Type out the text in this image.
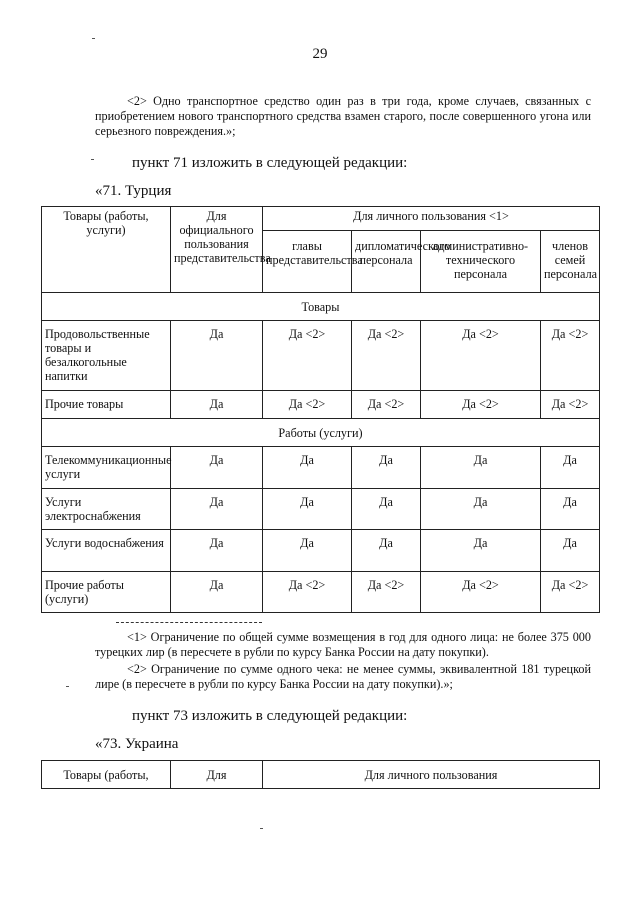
29
<2> Одно транспортное средство один раз в три года, кроме случаев, связанных с приобретением нового транспортного средства взамен старого, после совершенного угона или серьезного повреждения.»;
пункт 71 изложить в следующей редакции:
«71. Турция
Товары (работы, услуги)	Для официального пользования представительства	Для личного пользования <1>			
		главы представительства	дипломатического персонала	административно-технического персонала	членов семей персонала
Товары					
Продовольственные товары и безалкогольные напитки	Да	Да <2>	Да <2>	Да <2>	Да <2>
Прочие товары	Да	Да <2>	Да <2>	Да <2>	Да <2>
Работы (услуги)					
Телекоммуникационные услуги	Да	Да	Да	Да	Да
Услуги электроснабжения	Да	Да	Да	Да	Да
Услуги водоснабжения	Да	Да	Да	Да	Да
Прочие работы (услуги)	Да	Да <2>	Да <2>	Да <2>	Да <2>
<1> Ограничение по общей сумме возмещения в год для одного лица: не более 375 000 турецких лир (в пересчете в рубли по курсу Банка России на дату покупки).
<2> Ограничение по сумме одного чека: не менее суммы, эквивалентной 181 турецкой лире (в пересчете в рубли по курсу Банка России на дату покупки).»;
пункт 73 изложить в следующей редакции:
«73. Украина
Товары (работы,	Для	Для личного пользования
